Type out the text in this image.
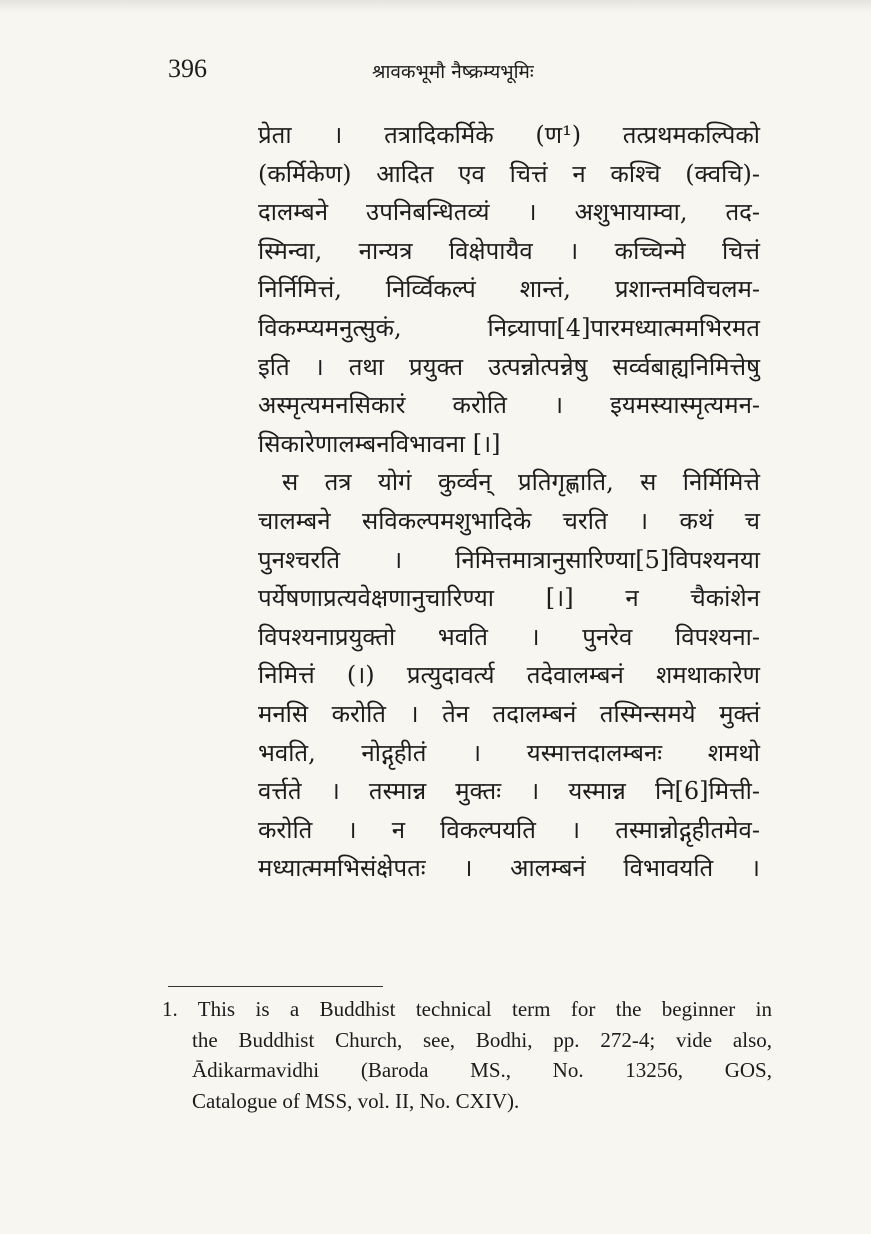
396	श्रावकभूमौ नैष्क्रम्यभूमिः
प्रेता । तत्रादिकर्मिके (ण¹) तत्प्रथमकल्पिको
(कर्मिकेण) आदित एव चित्तं न कश्चि (क्वचि)-
दालम्बने उपनिबन्धितव्यं । अशुभायाम्वा, तद-
स्मिन्वा, नान्यत्र विक्षेपायैव । कच्चिन्मे चित्तं
निर्निमित्तं, निर्व्विकल्पं शान्तं, प्रशान्तमविचलम-
विकम्प्यमनुत्सुकं, निव्र्यापा[4]पारमध्यात्ममभिरमत
इति । तथा प्रयुक्त उत्पन्नोत्पन्नेषु सर्व्वबाह्यनिमित्तेषु
अस्मृत्यमनसिकारं करोति । इयमस्यास्मृत्यमन-
सिकारेणालम्बनविभावना [।]
स तत्र योगं कुर्व्वन् प्रतिगृह्णाति, स निर्मिमित्ते
चालम्बने सविकल्पमशुभादिके चरति । कथं च
पुनश्चरति । निमित्तमात्रानुसारिण्या[5]विपश्यनया
पर्येषणाप्रत्यवेक्षणानुचारिण्या [।] न चैकांशेन
विपश्यनाप्रयुक्तो भवति । पुनरेव विपश्यना-
निमित्तं (।) प्रत्युदावर्त्य तदेवालम्बनं शमथाकारेण
मनसि करोति । तेन तदालम्बनं तस्मिन्समये मुक्तं
भवति, नोद्गृहीतं । यस्मात्तदालम्बनः शमथो
वर्त्तते । तस्मान्न मुक्तः । यस्मान्न नि[6]मित्ती-
करोति । न विकल्पयति । तस्मान्नोद्गृहीतमेव-
मध्यात्ममभिसंक्षेपतः । आलम्बनं विभावयति ।
1. This is a Buddhist technical term for the beginner in
the Buddhist Church, see, Bodhi, pp. 272-4; vide also,
Ādikarmavidhi (Baroda MS., No. 13256, GOS,
Catalogue of MSS, vol. II, No. CXIV).
